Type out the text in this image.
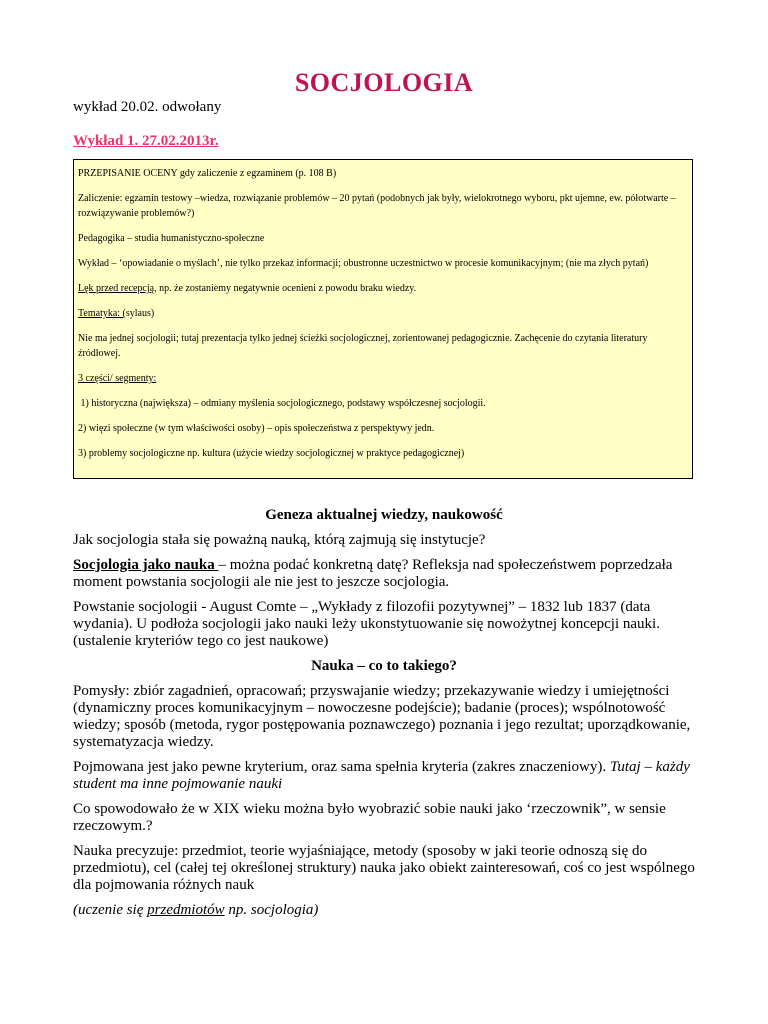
SOCJOLOGIA
wykład 20.02. odwołany
Wykład 1. 27.02.2013r.

PRZEPISANIE OCENY gdy zaliczenie z egzaminem (p. 108 B)

Zaliczenie: egzamin testowy –wiedza, rozwiązanie problemów – 20 pytań (podobnych jak były, wielokrotnego wyboru, pkt ujemne, ew. półotwarte – rozwiązywanie problemów?)

Pedagogika – studia humanistyczno-społeczne

Wykład – ‘opowiadanie o myślach’, nie tylko przekaz informacji; obustronne uczestnictwo w procesie komunikacyjnym; (nie ma złych pytań)

Lęk przed recepcją, np. że zostaniemy negatywnie ocenieni z powodu braku wiedzy.

Tematyka: (sylaus)

Nie ma jednej socjologii; tutaj prezentacja tylko jednej ścieżki socjologicznej, zorientowanej pedagogicznie. Zachęcenie do czytania literatury źródłowej.

3 części/ segmenty:

1) historyczna (największa) – odmiany myślenia socjologicznego, podstawy współczesnej socjologii.

2) więzi społeczne (w tym właściwości osoby) – opis społeczeństwa z perspektywy jedn.

3) problemy socjologiczne np. kultura (użycie wiedzy socjologicznej w praktyce pedagogicznej)

Geneza aktualnej wiedzy, naukowość

Jak socjologia stała się poważną nauką, którą zajmują się instytucje?

Socjologia jako nauka – można podać konkretną datę? Refleksja nad społeczeństwem poprzedzała moment powstania socjologii ale nie jest to jeszcze socjologia.

Powstanie socjologii - August Comte – „Wykłady z filozofii pozytywnej” – 1832 lub 1837 (data wydania). U podłoża socjologii jako nauki leży ukonstytuowanie się nowożytnej koncepcji nauki. (ustalenie kryteriów tego co jest naukowe)

Nauka – co to takiego?

Pomysły: zbiór zagadnień, opracowań; przyswajanie wiedzy; przekazywanie wiedzy i umiejętności (dynamiczny proces komunikacyjnym – nowoczesne podejście); badanie (proces); wspólnotowość wiedzy; sposób (metoda, rygor postępowania poznawczego) poznania i jego rezultat; uporządkowanie, systematyzacja wiedzy.

Pojmowana jest jako pewne kryterium, oraz sama spełnia kryteria (zakres znaczeniowy). Tutaj – każdy student ma inne pojmowanie nauki

Co spowodowało że w XIX wieku można było wyobrazić sobie nauki jako ‘rzeczownik”, w sensie rzeczowym.?

Nauka precyzuje: przedmiot, teorie wyjaśniające, metody (sposoby w jaki teorie odnoszą się do przedmiotu), cel (całej tej określonej struktury) nauka jako obiekt zainteresowań, coś co jest wspólnego dla pojmowania różnych nauk

(uczenie się przedmiotów np. socjologia)
